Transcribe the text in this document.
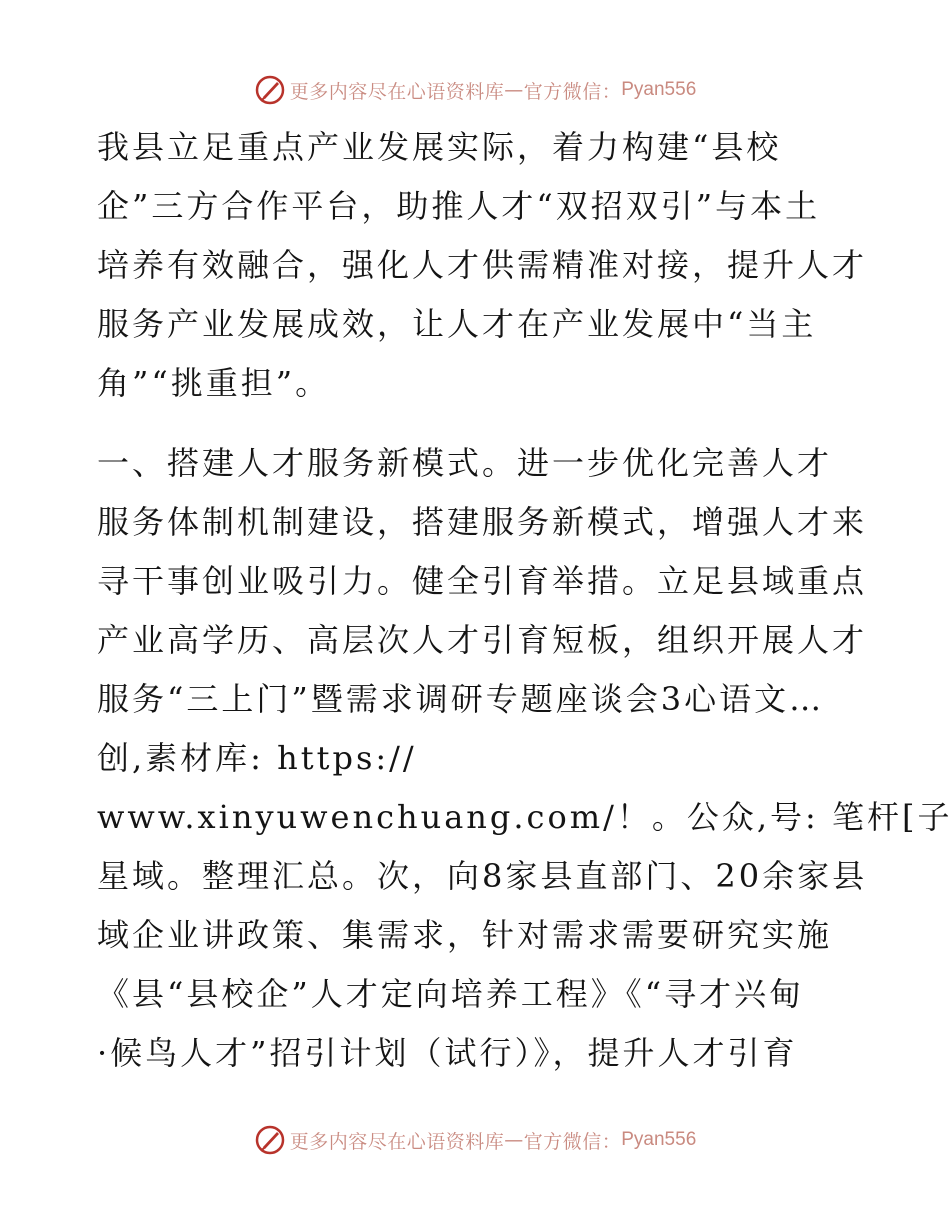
更多内容尽在心语资料库 — 官方微信： Pyan556
我县立足重点产业发展实际，着力构建“县校
企”三方合作平台，助推人才“双招双引”与本土
培养有效融合，强化人才供需精准对接，提升人才
服务产业发展成效，让人才在产业发展中“当主
角”“挑重担”。
一、搭建人才服务新模式。进一步优化完善人才
服务体制机制建设，搭建服务新模式，增强人才来
寻干事创业吸引力。健全引育举措。立足县域重点
产业高学历、高层次人才引育短板，组织开展人才
服务“三上门”暨需求调研专题座谈会3心语文…
创,素材库: https://
www.xinyuwenchuang.com/！。公众,号: 笔杆[子
星域。整理汇总。次，向8家县直部门、20余家县
域企业讲政策、集需求，针对需求需要研究实施
《县“县校企”人才定向培养工程》《“寻才兴甸
·候鸟人才”招引计划（试行）》，提升人才引育
更多内容尽在心语资料库 — 官方微信： Pyan556
